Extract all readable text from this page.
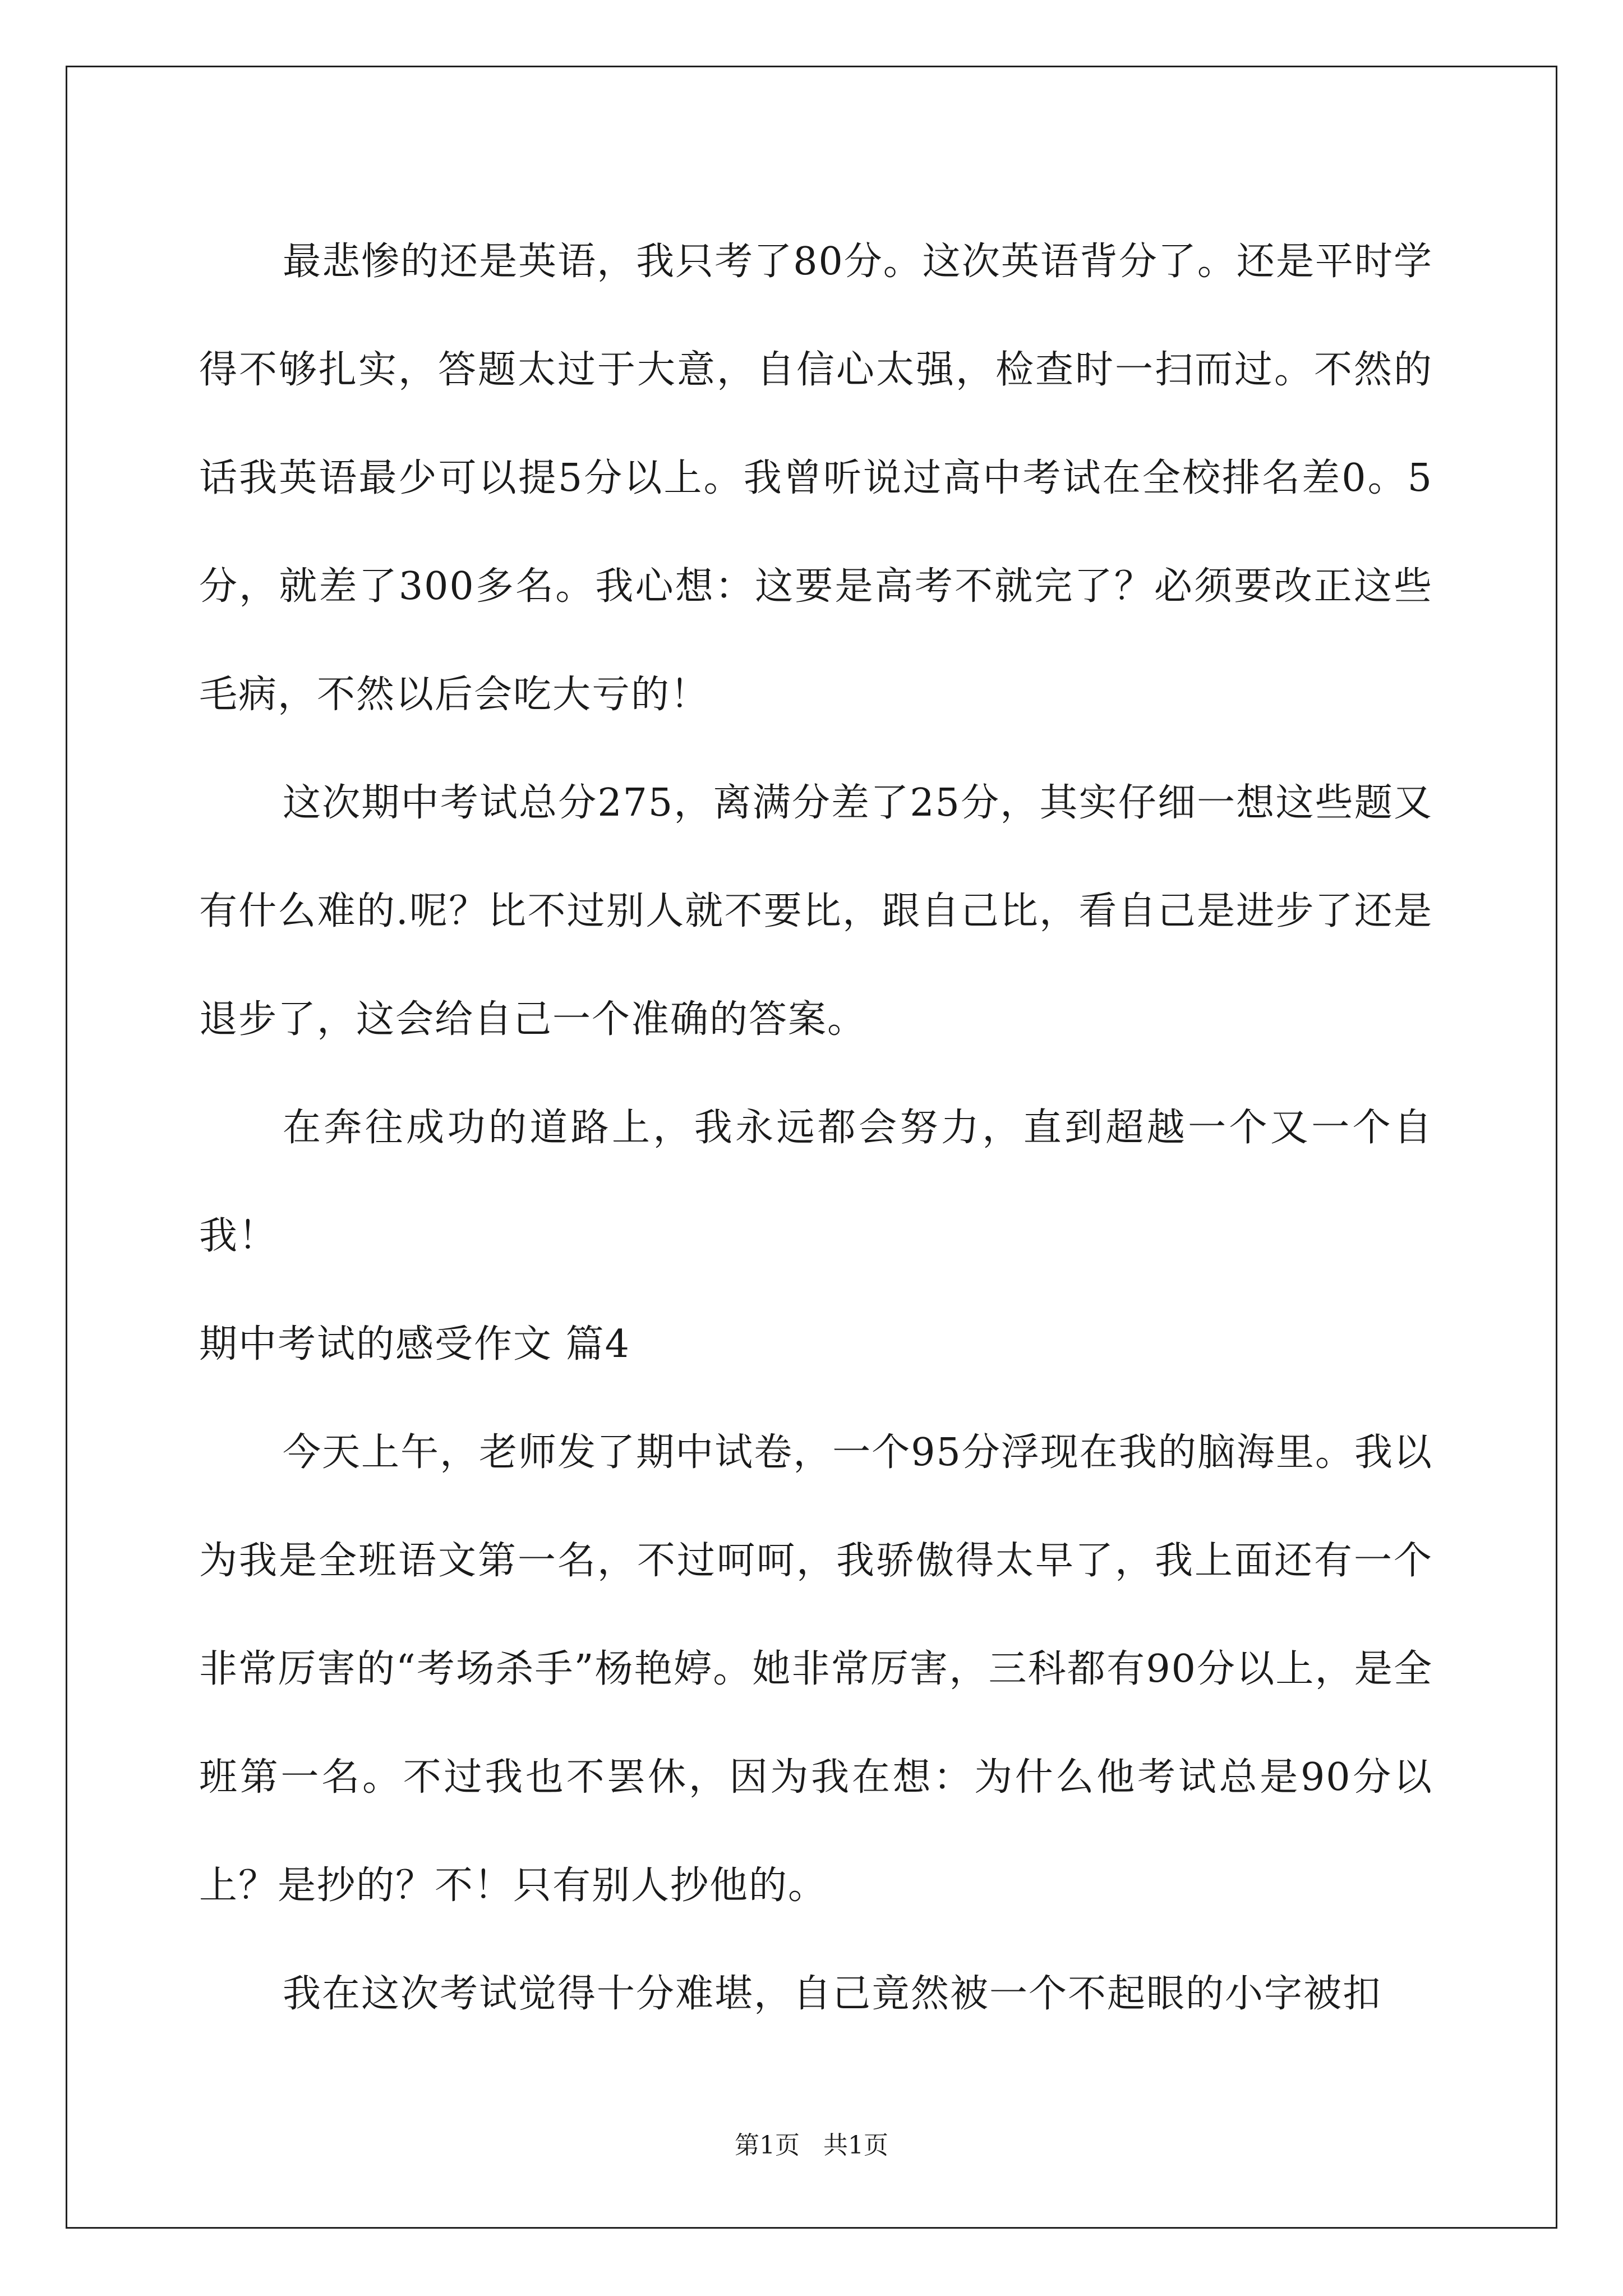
最悲惨的还是英语，我只考了80分。这次英语背分了。还是平时学得不够扎实，答题太过于大意，自信心太强，检查时一扫而过。不然的话我英语最少可以提5分以上。我曾听说过高中考试在全校排名差0。5分，就差了300多名。我心想：这要是高考不就完了？必须要改正这些毛病，不然以后会吃大亏的！

这次期中考试总分275，离满分差了25分，其实仔细一想这些题又有什么难的.呢？比不过别人就不要比，跟自己比，看自己是进步了还是退步了，这会给自己一个准确的答案。

在奔往成功的道路上，我永远都会努力，直到超越一个又一个自我！

期中考试的感受作文 篇4

今天上午，老师发了期中试卷，一个95分浮现在我的脑海里。我以为我是全班语文第一名，不过呵呵，我骄傲得太早了，我上面还有一个非常厉害的“考场杀手”杨艳婷。她非常厉害，三科都有90分以上，是全班第一名。不过我也不罢休，因为我在想：为什么他考试总是90分以上？是抄的？不！只有别人抄他的。

我在这次考试觉得十分难堪，自己竟然被一个不起眼的小字被扣

第1页   共1页
